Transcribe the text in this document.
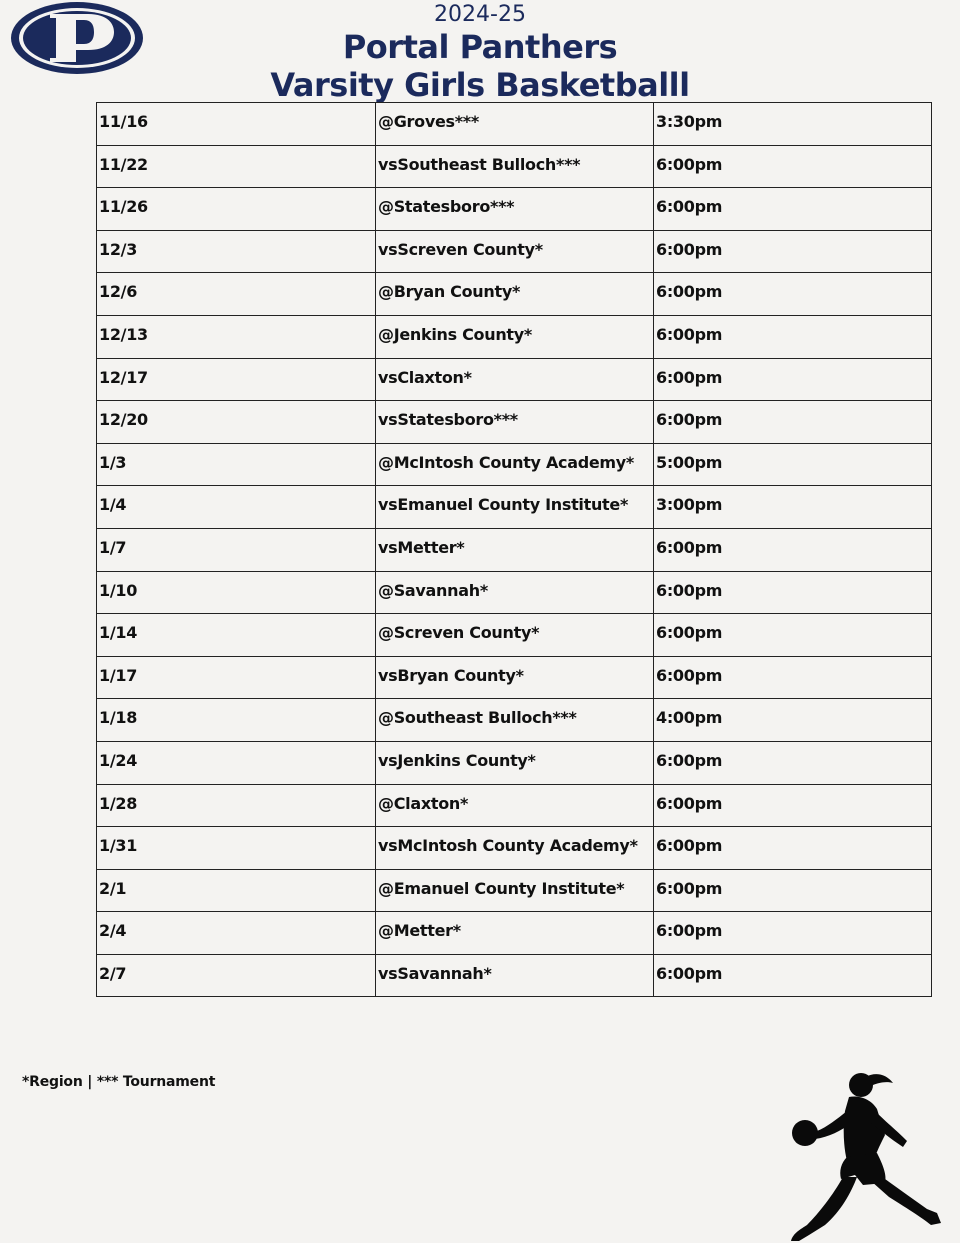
2024-25
Portal Panthers
Varsity Girls Basketballl
11/16	@Groves***	3:30pm
11/22	vsSoutheast Bulloch***	6:00pm
11/26	@Statesboro***	6:00pm
12/3	vsScreven County*	6:00pm
12/6	@Bryan County*	6:00pm
12/13	@Jenkins County*	6:00pm
12/17	vsClaxton*	6:00pm
12/20	vsStatesboro***	6:00pm
1/3	@McIntosh County Academy*	5:00pm
1/4	vsEmanuel County Institute*	3:00pm
1/7	vsMetter*	6:00pm
1/10	@Savannah*	6:00pm
1/14	@Screven County*	6:00pm
1/17	vsBryan County*	6:00pm
1/18	@Southeast Bulloch***	4:00pm
1/24	vsJenkins County*	6:00pm
1/28	@Claxton*	6:00pm
1/31	vsMcIntosh County Academy*	6:00pm
2/1	@Emanuel County Institute*	6:00pm
2/4	@Metter*	6:00pm
2/7	vsSavannah*	6:00pm
*Region | *** Tournament
